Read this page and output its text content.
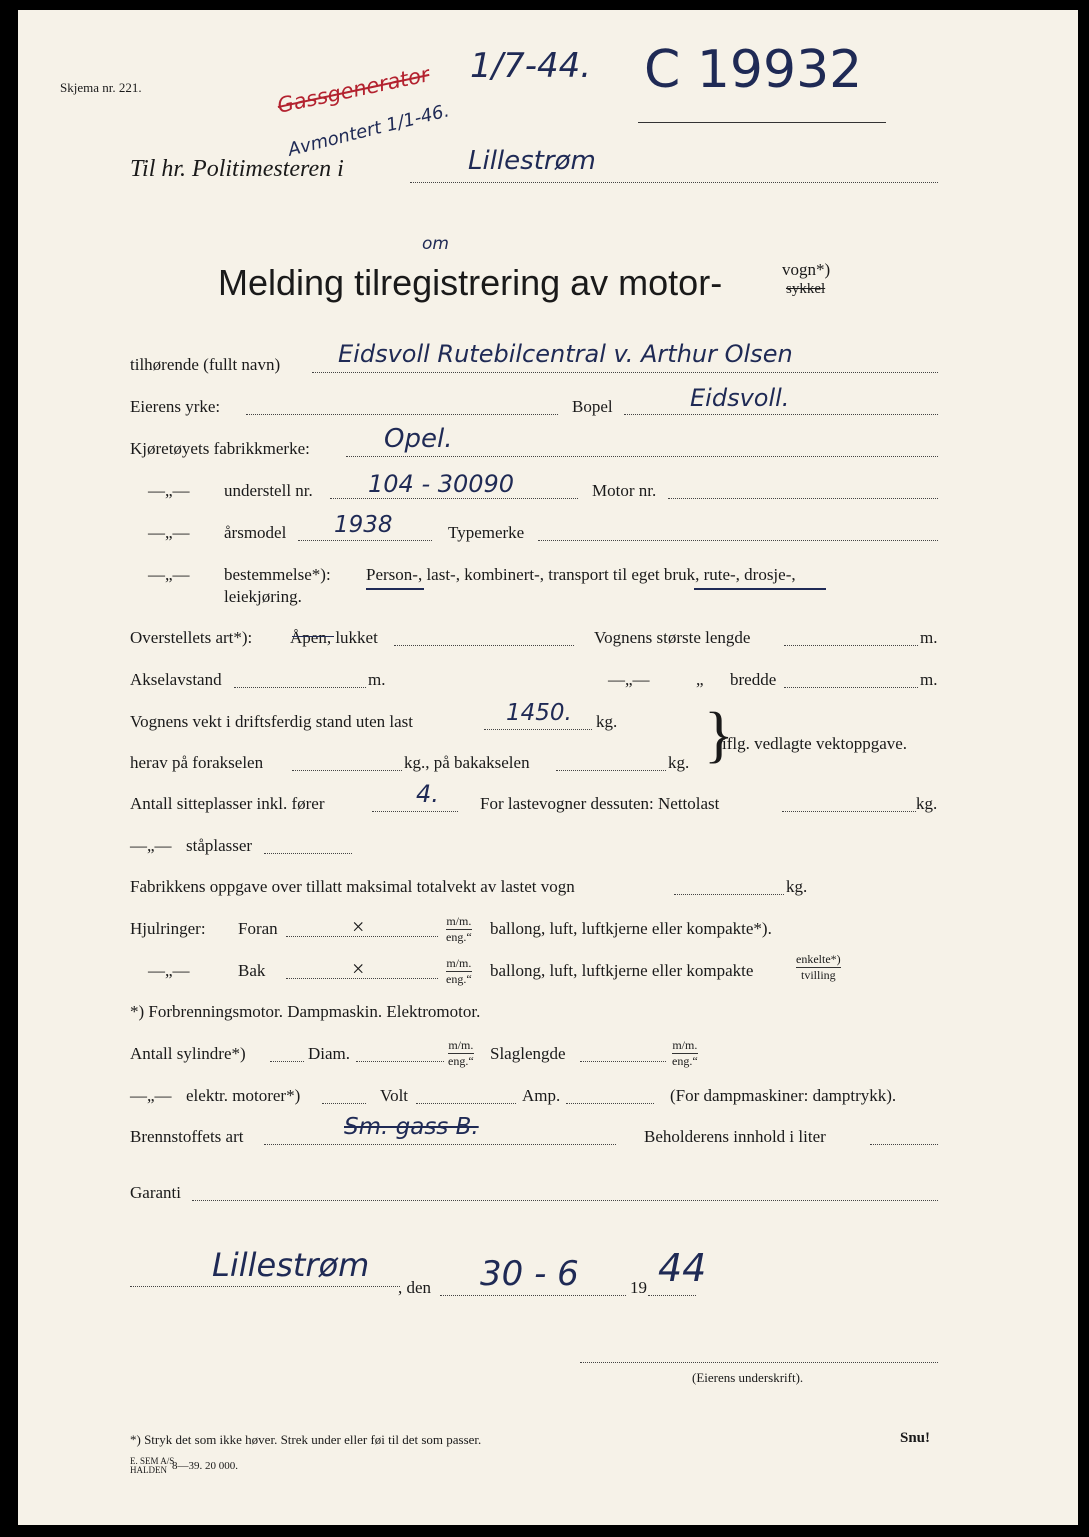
Skjema nr. 221.	Gassgenerator 1/7-44.
Avmontert 1/1-46.
C 19932
Til hr. Politimesteren i	Lillestrøm
Melding tilregistrering av motor-
om
vogn*)
sykkel
tilhørende (fullt navn) Eidsvoll Rutebilcentral v. Arthur Olsen
Eierens yrke:	Bopel	Eidsvoll.
Kjøretøyets fabrikkmerke:	Opel.
—„— understell nr. 104 - 30090	Motor nr.
—„— årsmodel 1938	Typemerke
—„— bestemmelse*): Person-, last-, kombinert-, transport til eget bruk, rute-, drosje-,
leiekjøring.
Overstellets art*): Åpen, lukket	Vognens største lengde	m.
Akselavstand	m.	—„—	„ bredde	m.
Vognens vekt i driftsferdig stand uten last	1450. kg.
herav på forakselen	kg., på bakakselen	kg. }
iflg. vedlagte vektoppgave.
Antall sitteplasser inkl. fører	4. For lastevogner dessuten: Nettolast	kg.
—„— ståplasser
Fabrikkens oppgave over tillatt maksimal totalvekt av lastet vogn	kg.
Hjulringer: Foran	×	m/m.
eng.“ ballong, luft, luftkjerne eller kompakte*).
—„—	Bak	×	m/m.
eng.“ ballong, luft, luftkjerne eller kompakte
enkelte*)
tvilling
*) Forbrenningsmotor. Dampmaskin. Elektromotor.
Antall sylindre*)	Diam.	m/m.
eng.“ Slaglengde	m/m.
eng.“
—„— elektr. motorer*)	Volt	Amp.	(For dampmaskiner: damptrykk).
Brennstoffets art	Sm. gass B.	Beholderens innhold i liter
Garanti
Lillestrøm
, den 30 - 6	19 44
(Eierens underskrift).
*) Stryk det som ikke høver. Strek under eller føi til det som passer.	Snu!
E. SEM A/S
HALDEN 8—39. 20 000.
